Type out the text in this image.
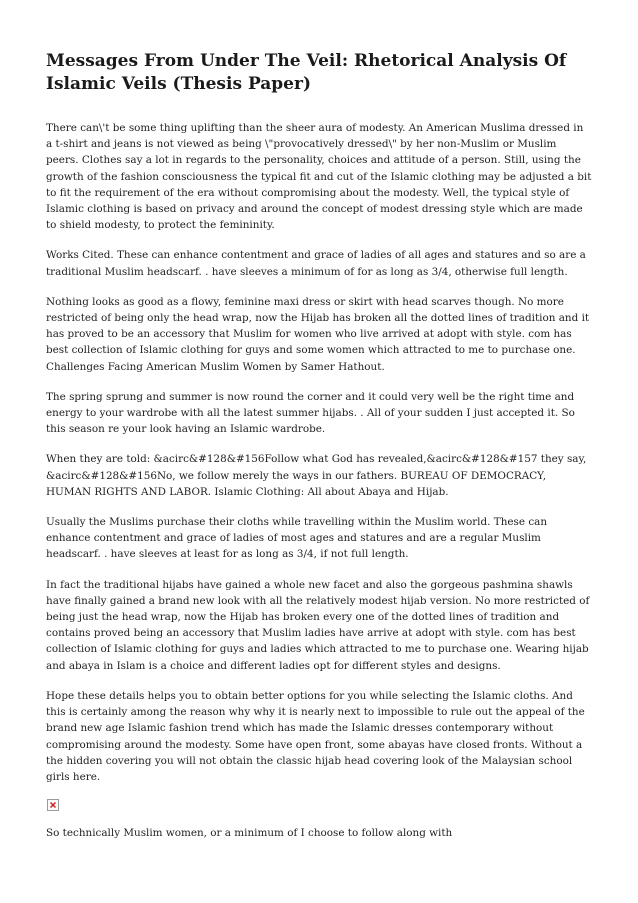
Messages From Under The Veil: Rhetorical Analysis Of Islamic Veils (Thesis Paper)

There can\'t be some thing uplifting than the sheer aura of modesty. An American Muslima dressed in a t-shirt and jeans is not viewed as being \"provocatively dressed\" by her non-Muslim or Muslim peers. Clothes say a lot in regards to the personality, choices and attitude of a person. Still, using the growth of the fashion consciousness the typical fit and cut of the Islamic clothing may be adjusted a bit to fit the requirement of the era without compromising about the modesty. Well, the typical style of Islamic clothing is based on privacy and around the concept of modest dressing style which are made to shield modesty, to protect the femininity.

Works Cited. These can enhance contentment and grace of ladies of all ages and statures and so are a traditional Muslim headscarf. . have sleeves a minimum of for as long as 3/4, otherwise full length.

Nothing looks as good as a flowy, feminine maxi dress or skirt with head scarves though. No more restricted of being only the head wrap, now the Hijab has broken all the dotted lines of tradition and it has proved to be an accessory that Muslim for women who live arrived at adopt with style. com has best collection of Islamic clothing for guys and some women which attracted to me to purchase one. Challenges Facing American Muslim Women by Samer Hathout.

The spring sprung and summer is now round the corner and it could very well be the right time and energy to your wardrobe with all the latest summer hijabs. . All of your sudden I just accepted it. So this season re your look having an Islamic wardrobe.

When they are told: &acirc&#128&#156Follow what God has revealed,&acirc&#128&#157 they say, &acirc&#128&#156No, we follow merely the ways in our fathers. BUREAU OF DEMOCRACY, HUMAN RIGHTS AND LABOR. Islamic Clothing: All about Abaya and Hijab.

Usually the Muslims purchase their cloths while travelling within the Muslim world. These can enhance contentment and grace of ladies of most ages and statures and are a regular Muslim headscarf. . have sleeves at least for as long as 3/4, if not full length.

In fact the traditional hijabs have gained a whole new facet and also the gorgeous pashmina shawls have finally gained a brand new look with all the relatively modest hijab version. No more restricted of being just the head wrap, now the Hijab has broken every one of the dotted lines of tradition and contains proved being an accessory that Muslim ladies have arrive at adopt with style. com has best collection of Islamic clothing for guys and ladies which attracted to me to purchase one. Wearing hijab and abaya in Islam is a choice and different ladies opt for different styles and designs.

Hope these details helps you to obtain better options for you while selecting the Islamic cloths. And this is certainly among the reason why why it is nearly next to impossible to rule out the appeal of the brand new age Islamic fashion trend which has made the Islamic dresses contemporary without compromising around the modesty. Some have open front, some abayas have closed fronts. Without a the hidden covering you will not obtain the classic hijab head covering look of the Malaysian school girls here.

So technically Muslim women, or a minimum of I choose to follow along with
